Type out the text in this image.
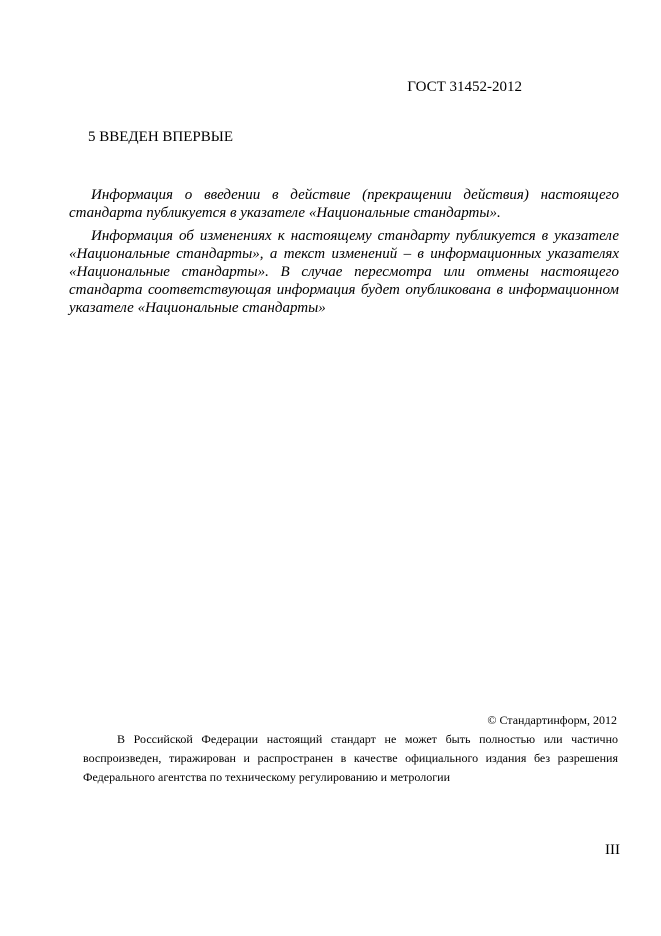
ГОСТ 31452-2012
5 ВВЕДЕН ВПЕРВЫЕ

Информация о введении в действие (прекращении действия) настоящего стандарта публикуется в указателе «Национальные стандарты».

Информация об изменениях к настоящему стандарту публикуется в указателе «Национальные стандарты», а текст изменений – в информационных указателях «Национальные стандарты». В случае пересмотра или отмены настоящего стандарта соответствующая информация будет опубликована в информационном указателе «Национальные стандарты»

© Стандартинформ, 2012

В Российской Федерации настоящий стандарт не может быть полностью или частично воспроизведен, тиражирован и распространен в качестве официального издания без разрешения Федерального агентства по техническому регулированию и метрологии

III
